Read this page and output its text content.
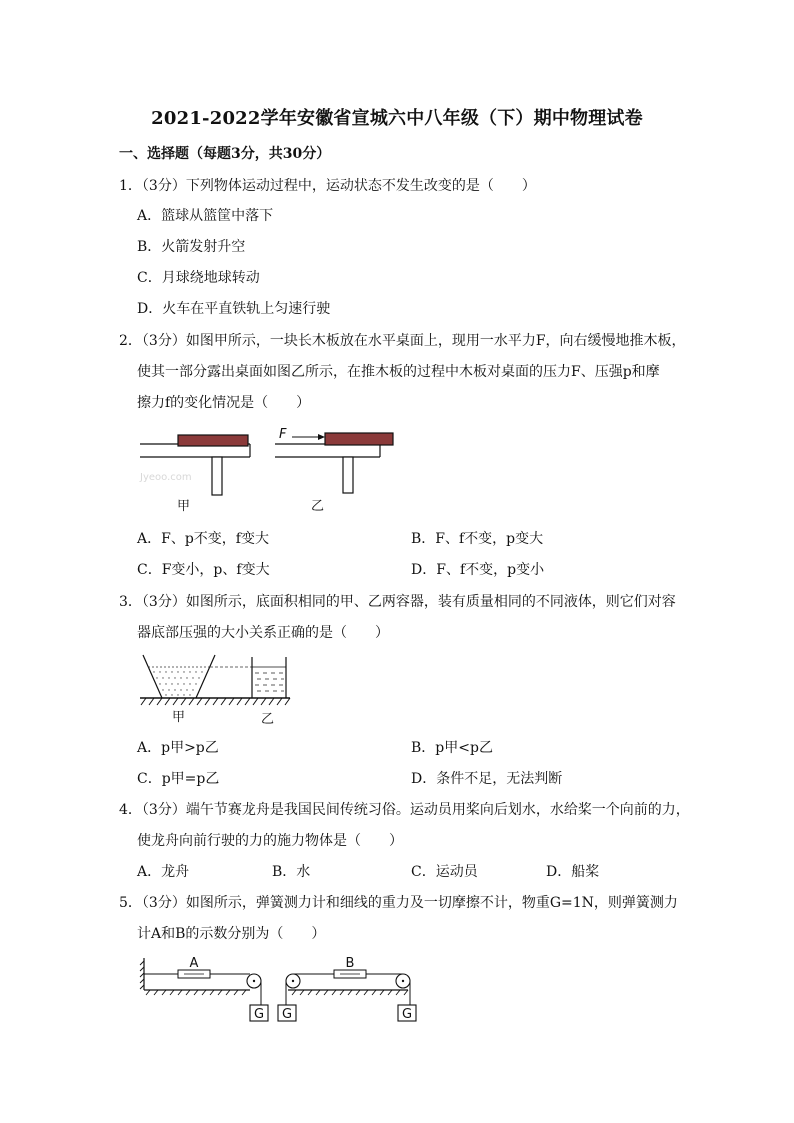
2021-2022学年安徽省宣城六中八年级（下）期中物理试卷
一、选择题（每题3分，共30分）
1．（3分）下列物体运动过程中，运动状态不发生改变的是（　　）
A．篮球从篮筐中落下
B．火箭发射升空
C．月球绕地球转动
D．火车在平直铁轨上匀速行驶
2．（3分）如图甲所示，一块长木板放在水平桌面上，现用一水平力F，向右缓慢地推木板，
使其一部分露出桌面如图乙所示，在推木板的过程中木板对桌面的压力F、压强p和摩
擦力f的变化情况是（　　）
Jyeoo.com
甲
F
乙
A．F、p不变，f变大	B．F、f不变，p变大
C．F变小，p、f变大	D．F、f不变，p变小
3．（3分）如图所示，底面积相同的甲、乙两容器，装有质量相同的不同液体，则它们对容
器底部压强的大小关系正确的是（　　）
甲	乙
A．p甲>p乙	B．p甲<p乙
C．p甲=p乙	D．条件不足，无法判断
4．（3分）端午节赛龙舟是我国民间传统习俗。运动员用桨向后划水，水给桨一个向前的力，
使龙舟向前行驶的力的施力物体是（　　）
A．龙舟	B．水	C．运动员	D．船桨
5．（3分）如图所示，弹簧测力计和细线的重力及一切摩擦不计，物重G=1N，则弹簧测力
计A和B的示数分别为（　　）
G
A
G	G
B
